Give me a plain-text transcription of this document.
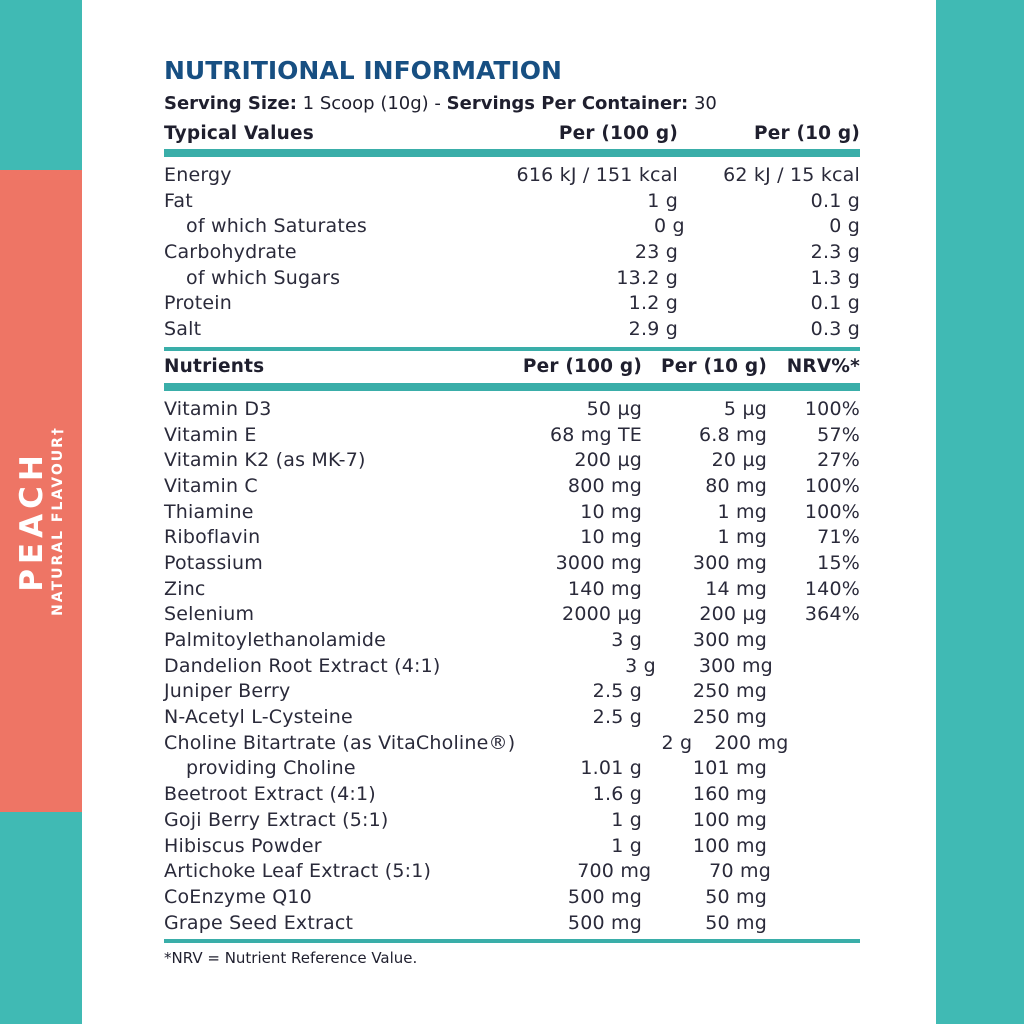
PEACH NATURAL FLAVOUR†
NUTRITIONAL INFORMATION
Serving Size: 1 Scoop (10g) - Servings Per Container: 30
Typical Values	Per (100 g)	Per (10 g)
Energy	616 kJ / 151 kcal	62 kJ / 15 kcal
Fat	1 g	0.1 g
of which Saturates	0 g	0 g
Carbohydrate	23 g	2.3 g
of which Sugars	13.2 g	1.3 g
Protein	1.2 g	0.1 g
Salt	2.9 g	0.3 g
Nutrients	Per (100 g)	Per (10 g)	NRV%*
Vitamin D3	50 µg	5 µg	100%
Vitamin E	68 mg TE	6.8 mg	57%
Vitamin K2 (as MK-7)	200 µg	20 µg	27%
Vitamin C	800 mg	80 mg	100%
Thiamine	10 mg	1 mg	100%
Riboflavin	10 mg	1 mg	71%
Potassium	3000 mg	300 mg	15%
Zinc	140 mg	14 mg	140%
Selenium	2000 µg	200 µg	364%
Palmitoylethanolamide	3 g	300 mg
Dandelion Root Extract (4:1)	3 g	300 mg
Juniper Berry	2.5 g	250 mg
N-Acetyl L-Cysteine	2.5 g	250 mg
Choline Bitartrate (as VitaCholine®)	2 g	200 mg
providing Choline	1.01 g	101 mg
Beetroot Extract (4:1)	1.6 g	160 mg
Goji Berry Extract (5:1)	1 g	100 mg
Hibiscus Powder	1 g	100 mg
Artichoke Leaf Extract (5:1)	700 mg	70 mg
CoEnzyme Q10	500 mg	50 mg
Grape Seed Extract	500 mg	50 mg
*NRV = Nutrient Reference Value.
